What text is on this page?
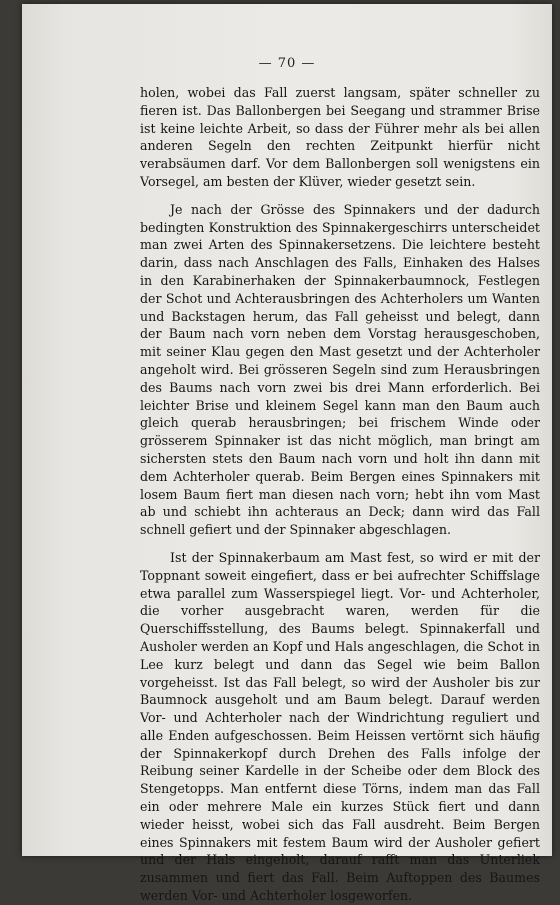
— 70 —

holen, wobei das Fall zuerst langsam, später schneller zu fieren ist. Das Ballonbergen bei Seegang und strammer Brise ist keine leichte Arbeit, so dass der Führer mehr als bei allen anderen Segeln den rechten Zeitpunkt hierfür nicht verabsäumen darf. Vor dem Ballonbergen soll wenigstens ein Vorsegel, am besten der Klüver, wieder gesetzt sein.

Je nach der Grösse des Spinnakers und der dadurch bedingten Konstruktion des Spinnakergeschirrs unterscheidet man zwei Arten des Spinnakersetzens. Die leichtere besteht darin, dass nach Anschlagen des Falls, Einhaken des Halses in den Karabinerhaken der Spinnakerbaumnock, Festlegen der Schot und Achterausbringen des Achterholers um Wanten und Backstagen herum, das Fall geheisst und belegt, dann der Baum nach vorn neben dem Vorstag herausgeschoben, mit seiner Klau gegen den Mast gesetzt und der Achterholer angeholt wird. Bei grösseren Segeln sind zum Herausbringen des Baums nach vorn zwei bis drei Mann erforderlich. Bei leichter Brise und kleinem Segel kann man den Baum auch gleich querab herausbringen; bei frischem Winde oder grösserem Spinnaker ist das nicht möglich, man bringt am sichersten stets den Baum nach vorn und holt ihn dann mit dem Achterholer querab. Beim Bergen eines Spinnakers mit losem Baum fiert man diesen nach vorn; hebt ihn vom Mast ab und schiebt ihn achteraus an Deck; dann wird das Fall schnell gefiert und der Spinnaker abgeschlagen.

Ist der Spinnakerbaum am Mast fest, so wird er mit der Toppnant soweit eingefiert, dass er bei aufrechter Schiffslage etwa parallel zum Wasserspiegel liegt. Vor- und Achterholer, die vorher ausgebracht waren, werden für die Querschiffsstellung, des Baums belegt. Spinnakerfall und Ausholer werden an Kopf und Hals angeschlagen, die Schot in Lee kurz belegt und dann das Segel wie beim Ballon vorgeheisst. Ist das Fall belegt, so wird der Ausholer bis zur Baumnock ausgeholt und am Baum belegt. Darauf werden Vor- und Achterholer nach der Windrichtung reguliert und alle Enden aufgeschossen. Beim Heissen vertörnt sich häufig der Spinnakerkopf durch Drehen des Falls infolge der Reibung seiner Kardelle in der Scheibe oder dem Block des Stengetopps. Man entfernt diese Törns, indem man das Fall ein oder mehrere Male ein kurzes Stück fiert und dann wieder heisst, wobei sich das Fall ausdreht. Beim Bergen eines Spinnakers mit festem Baum wird der Ausholer gefiert und der Hals eingeholt, darauf rafft man das Unterliek zusammen und fiert das Fall. Beim Auftoppen des Baumes werden Vor- und Achterholer losgeworfen.
